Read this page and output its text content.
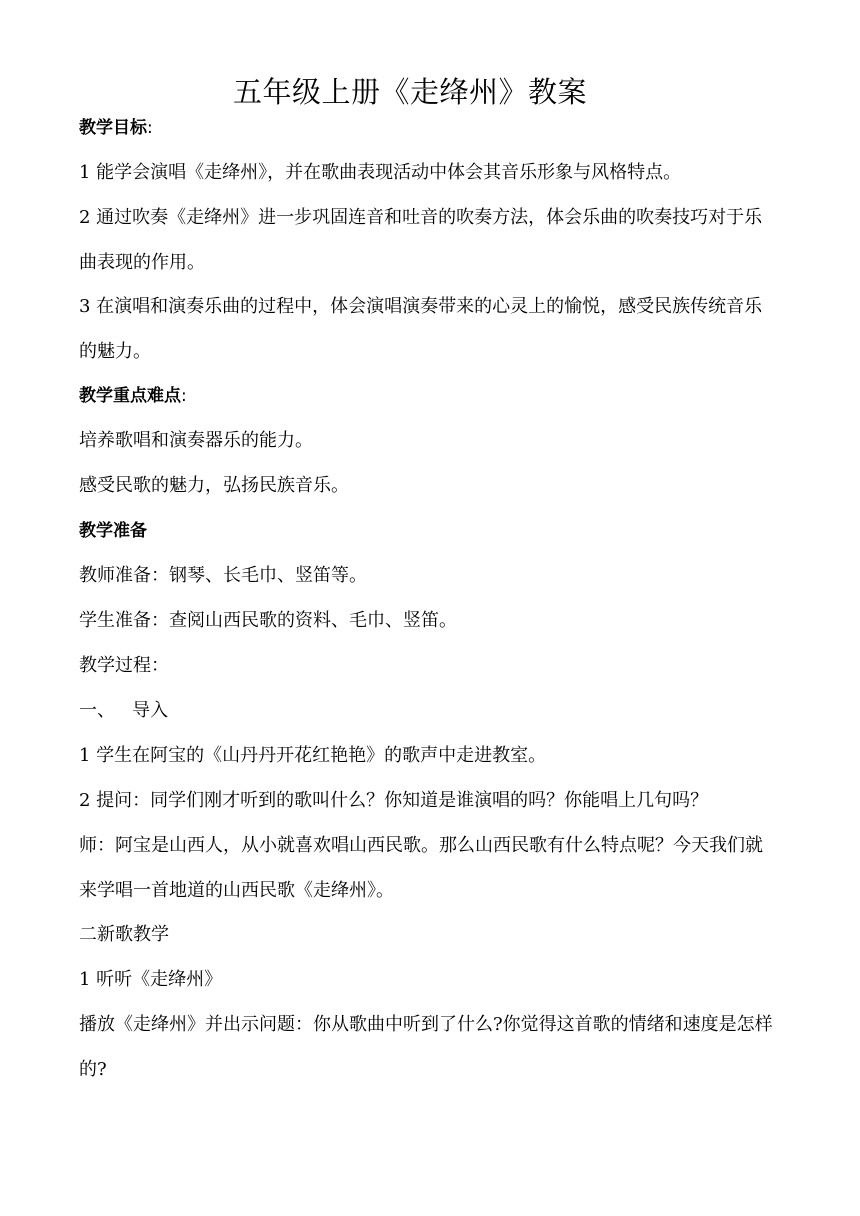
五年级上册《走绛州》教案

教学目标:

1 能学会演唱《走绛州》，并在歌曲表现活动中体会其音乐形象与风格特点。

2 通过吹奏《走绛州》进一步巩固连音和吐音的吹奏方法，体会乐曲的吹奏技巧对于乐曲表现的作用。

3 在演唱和演奏乐曲的过程中，体会演唱演奏带来的心灵上的愉悦，感受民族传统音乐的魅力。

教学重点难点:

培养歌唱和演奏器乐的能力。

感受民歌的魅力，弘扬民族音乐。

教学准备

教师准备：钢琴、长毛巾、竖笛等。

学生准备：查阅山西民歌的资料、毛巾、竖笛。

教学过程：

一、   导入

1 学生在阿宝的《山丹丹开花红艳艳》的歌声中走进教室。

2 提问：同学们刚才听到的歌叫什么？你知道是谁演唱的吗？你能唱上几句吗？

师：阿宝是山西人，从小就喜欢唱山西民歌。那么山西民歌有什么特点呢？今天我们就来学唱一首地道的山西民歌《走绛州》。

二新歌教学

1 听听《走绛州》

播放《走绛州》并出示问题：你从歌曲中听到了什么?你觉得这首歌的情绪和速度是怎样的?
